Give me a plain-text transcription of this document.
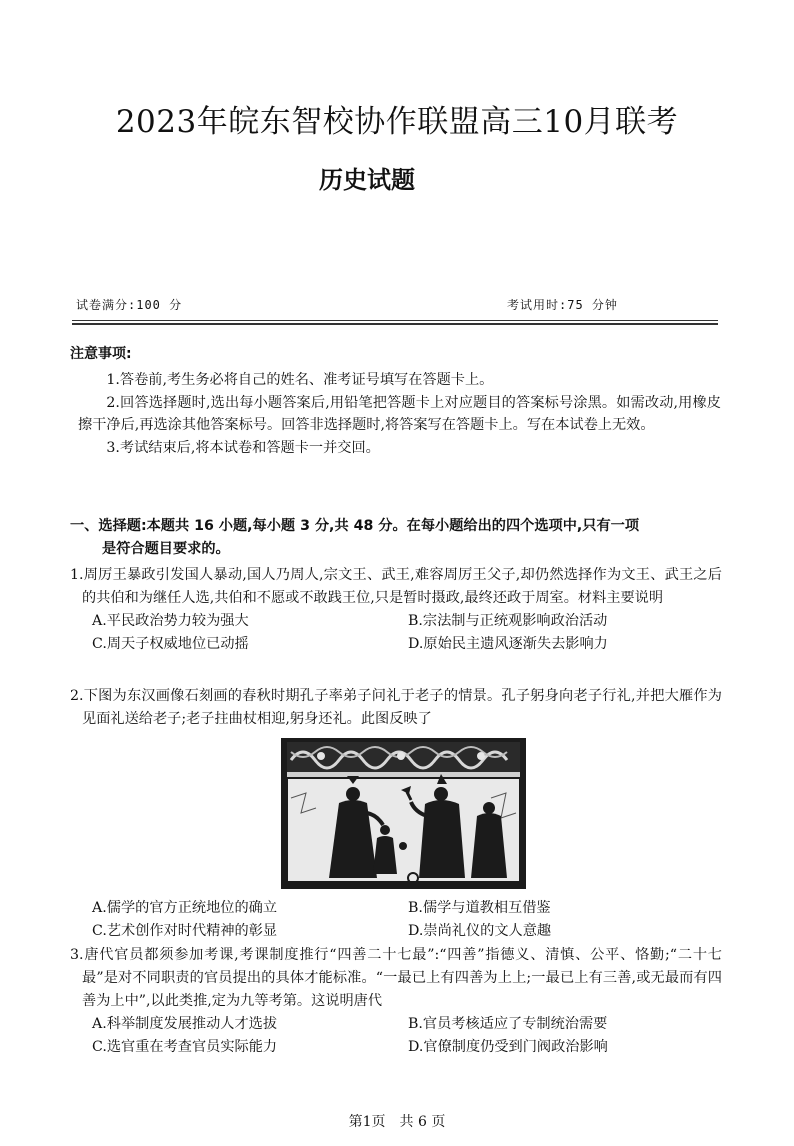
2023年皖东智校协作联盟高三10月联考
历史试题
试卷满分:100 分	考试用时:75 分钟
注意事项:

1.答卷前,考生务必将自己的姓名、准考证号填写在答题卡上。

2.回答选择题时,选出每小题答案后,用铅笔把答题卡上对应题目的答案标号涂黑。如需改动,用橡皮擦干净后,再选涂其他答案标号。回答非选择题时,将答案写在答题卡上。写在本试卷上无效。

3.考试结束后,将本试卷和答题卡一并交回。

一、选择题:本题共 16 小题,每小题 3 分,共 48 分。在每小题给出的四个选项中,只有一项
是符合题目要求的。
1.周厉王暴政引发国人暴动,国人乃周人,宗文王、武王,难容周厉王父子,却仍然选择作为文王、武王之后的共伯和为继任人选,共伯和不愿或不敢践王位,只是暂时摄政,最终还政于周室。材料主要说明
A.平民政治势力较为强大	B.宗法制与正统观影响政治活动
C.周天子权威地位已动摇	D.原始民主遗风逐渐失去影响力
2.下图为东汉画像石刻画的春秋时期孔子率弟子问礼于老子的情景。孔子躬身向老子行礼,并把大雁作为见面礼送给老子;老子拄曲杖相迎,躬身还礼。此图反映了
A.儒学的官方正统地位的确立	B.儒学与道教相互借鉴
C.艺术创作对时代精神的彰显	D.崇尚礼仪的文人意趣
3.唐代官员都须参加考课,考课制度推行“四善二十七最”:“四善”指德义、清慎、公平、恪勤;“二十七最”是对不同职责的官员提出的具体才能标准。“一最已上有四善为上上;一最已上有三善,或无最而有四善为上中”,以此类推,定为九等考第。这说明唐代
A.科举制度发展推动人才选拔	B.官员考核适应了专制统治需要
C.选官重在考查官员实际能力	D.官僚制度仍受到门阀政治影响
第1页　共 6 页
